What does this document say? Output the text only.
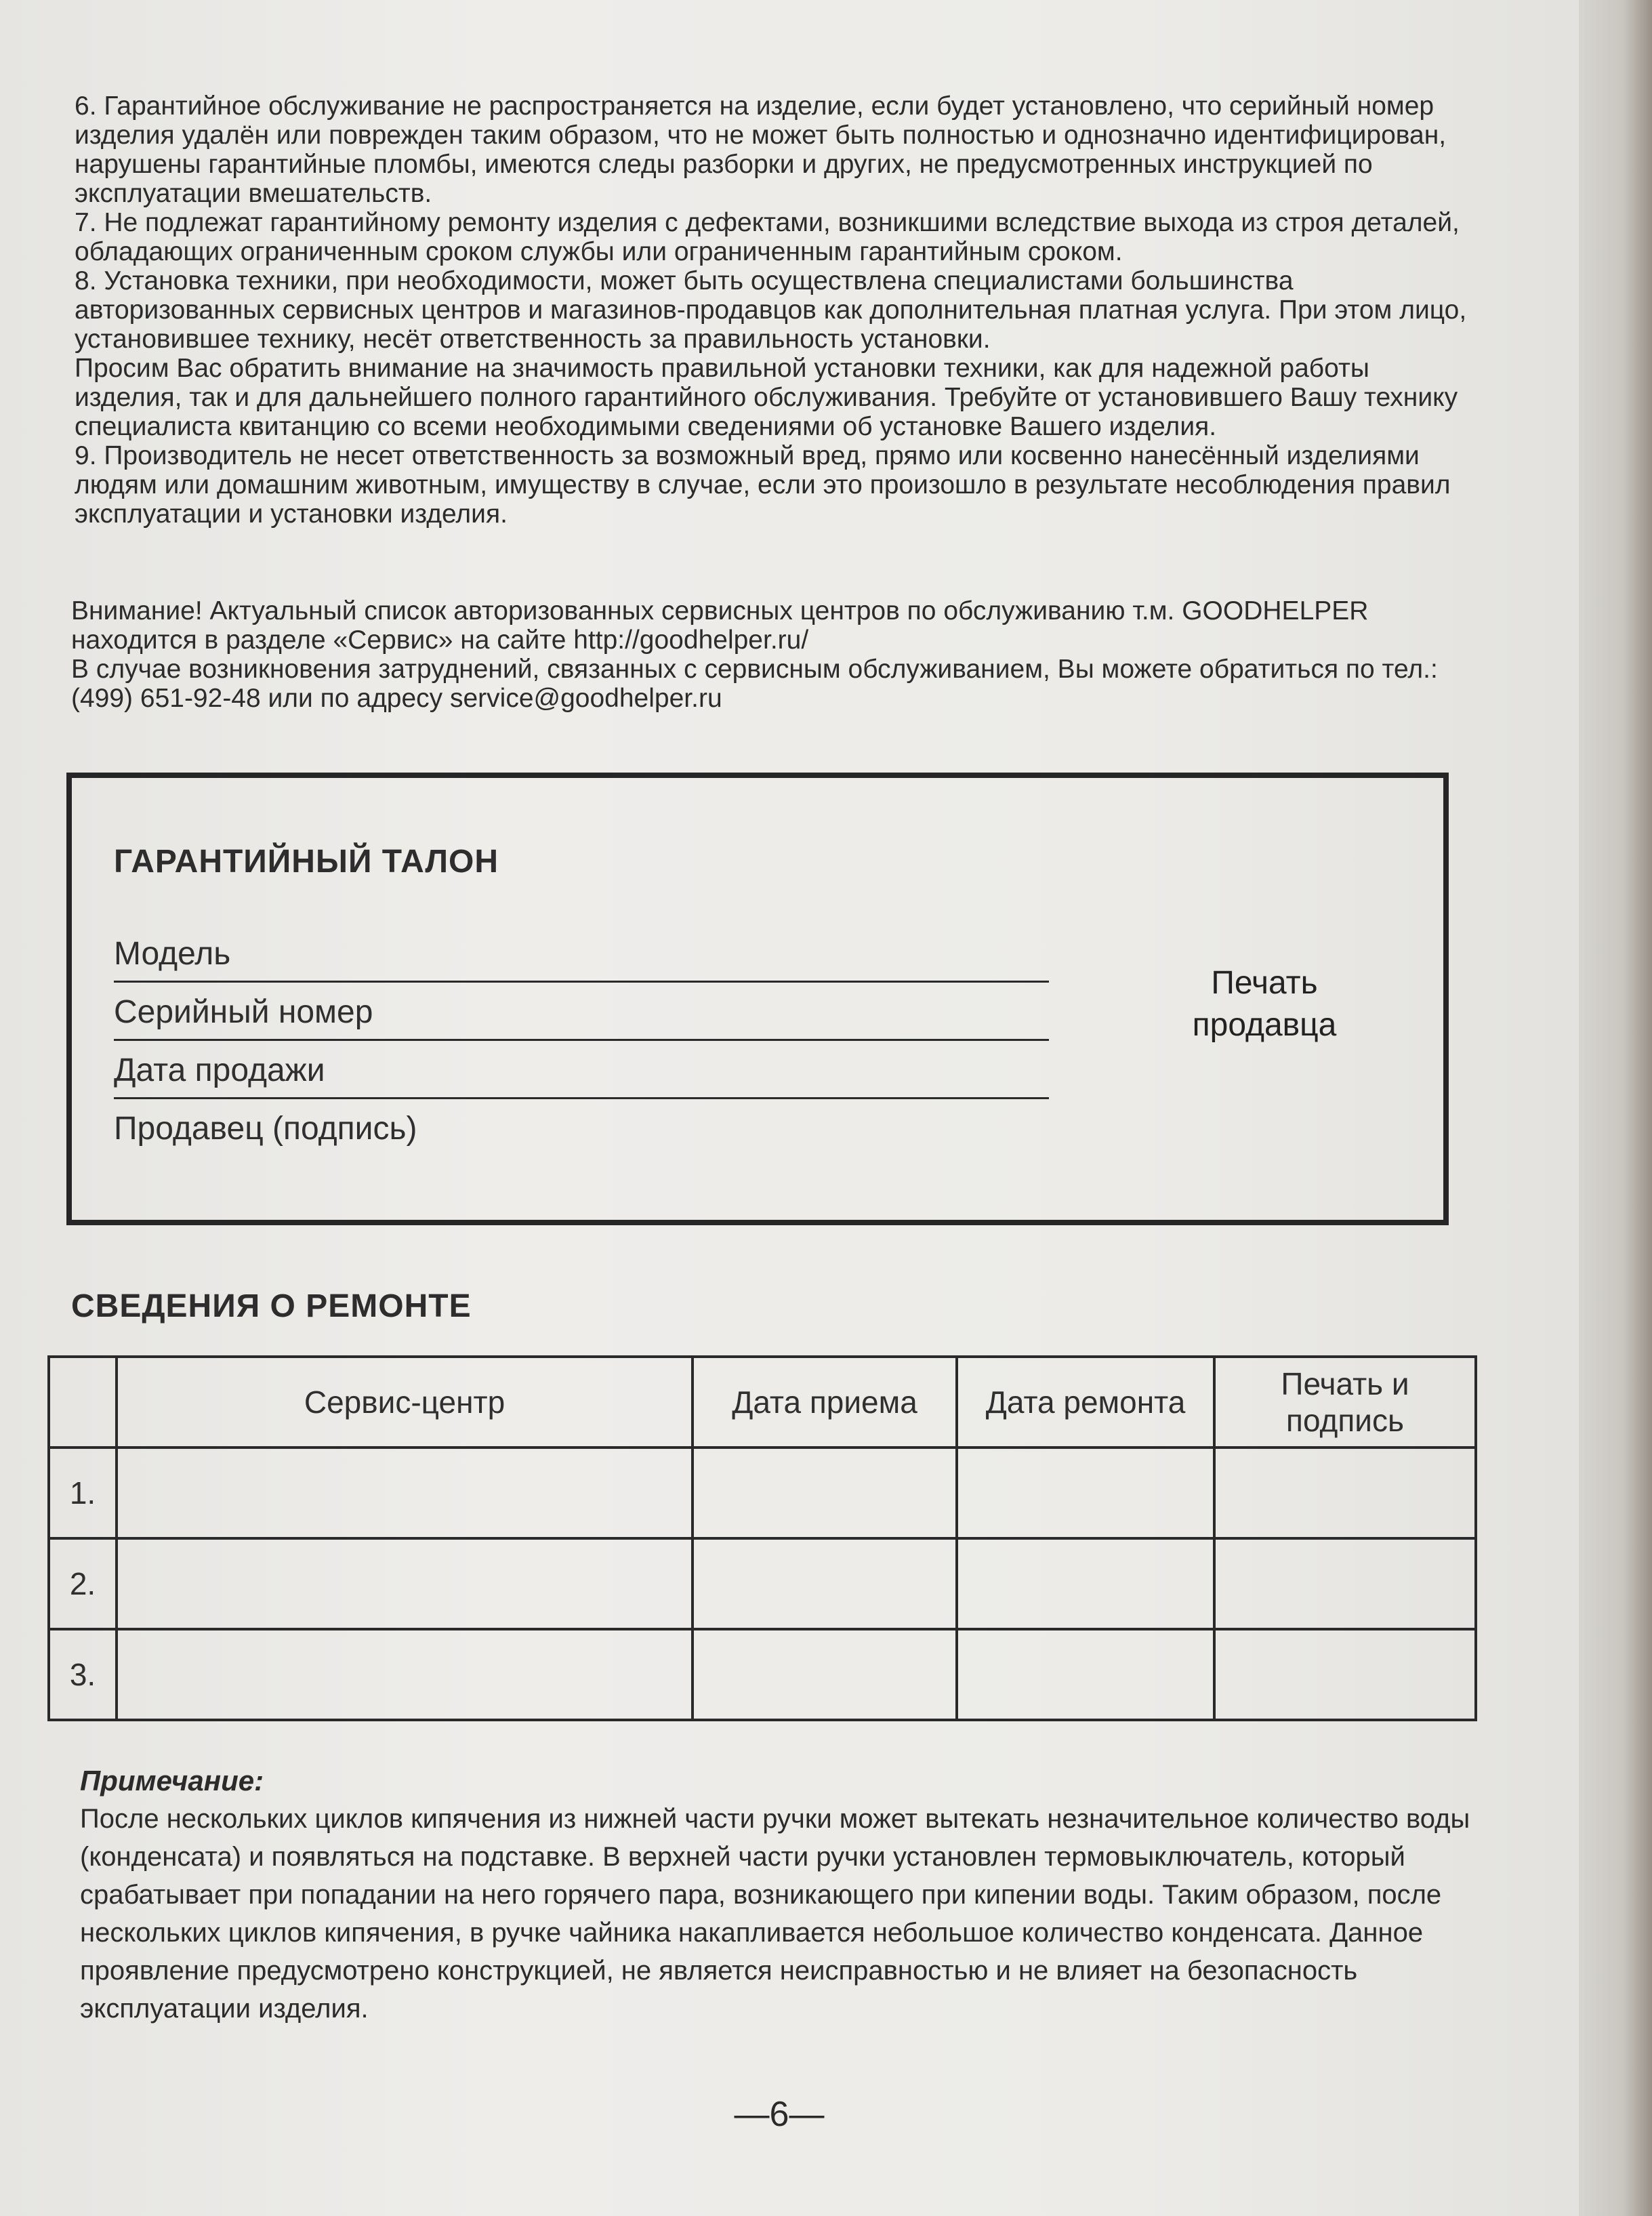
6. Гарантийное обслуживание не распространяется на изделие, если будет установлено, что серийный номер изделия удалён или поврежден таким образом, что не может быть полностью и однозначно идентифицирован, нарушены гарантийные пломбы, имеются следы разборки и других, не предусмотренных инструкцией по эксплуатации вмешательств.

7. Не подлежат гарантийному ремонту изделия с дефектами, возникшими вследствие выхода из строя деталей, обладающих ограниченным сроком службы или ограниченным гарантийным сроком.

8. Установка техники, при необходимости, может быть осуществлена специалистами большинства авторизованных сервисных центров и магазинов-продавцов как дополнительная платная услуга. При этом лицо, установившее технику, несёт ответственность за правильность установки.

Просим Вас обратить внимание на значимость правильной установки техники, как для надежной работы изделия, так и для дальнейшего полного гарантийного обслуживания. Требуйте от установившего Вашу технику специалиста квитанцию со всеми необходимыми сведениями об установке Вашего изделия.

9. Производитель не несет ответственность за возможный вред, прямо или косвенно нанесённый изделиями людям или домашним животным, имуществу в случае, если это произошло в результате несоблюдения правил эксплуатации и установки изделия.

Внимание! Актуальный список авторизованных сервисных центров по обслуживанию т.м. GOODHELPER находится в разделе «Сервис» на сайте http://goodhelper.ru/

В случае возникновения затруднений, связанных с сервисным обслуживанием, Вы можете обратиться по тел.: (499) 651-92-48 или по адресу service@goodhelper.ru

ГАРАНТИЙНЫЙ ТАЛОН
Модель
Серийный номер
Дата продажи
Продавец (подпись)
Печать
продавца
СВЕДЕНИЯ О РЕМОНТЕ
	Сервис-центр	Дата приема	Дата ремонта	Печать и подпись
1.				
2.				
3.				

Примечание:

После нескольких циклов кипячения из нижней части ручки может вытекать незначительное количество воды (конденсата) и появляться на подставке. В верхней части ручки установлен термовыключатель, который срабатывает при попадании на него горячего пара, возникающего при кипении воды. Таким образом, после нескольких циклов кипячения, в ручке чайника накапливается небольшое количество конденсата. Данное проявление предусмотрено конструкцией, не является неисправностью и не влияет на безопасность эксплуатации изделия.

—6—
